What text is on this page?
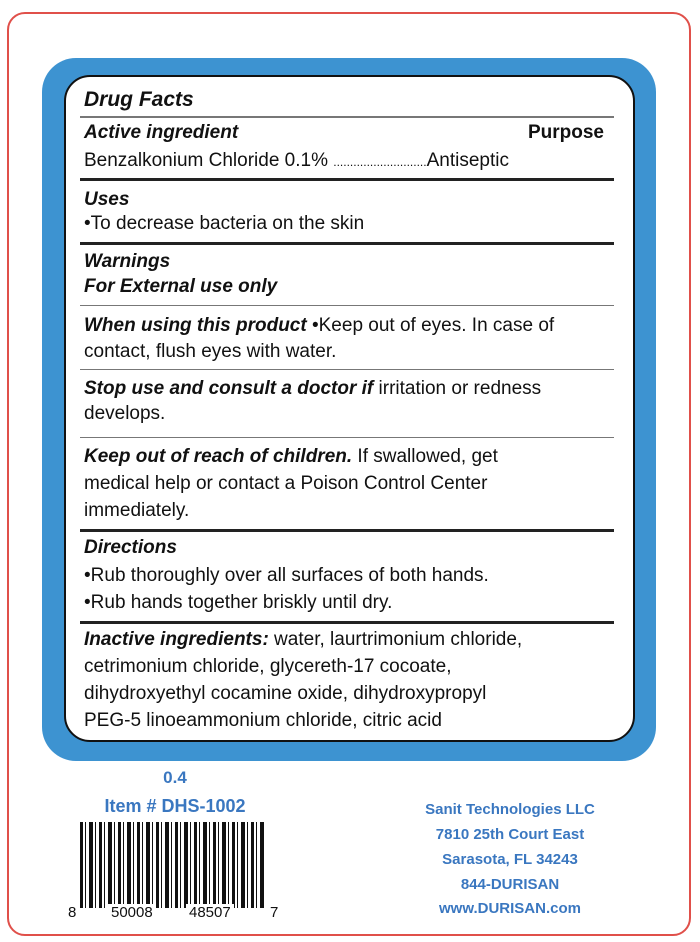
Drug Facts
Active ingredient	Purpose
Benzalkonium Chloride 0.1% ............................Antiseptic
Uses
•To decrease bacteria on the skin
Warnings
For External use only
When using this product •Keep out of eyes. In case of
contact, flush eyes with water.
Stop use and consult a doctor if irritation or redness
develops.
Keep out of reach of children. If swallowed, get
medical help or contact a Poison Control Center
immediately.
Directions
•Rub thoroughly over all surfaces of both hands.
•Rub hands together briskly until dry.
Inactive ingredients: water, laurtrimonium chloride,
cetrimonium chloride, glycereth-17 cocoate,
dihydroxyethyl cocamine oxide, dihydroxypropyl
PEG-5 linoeammonium chloride, citric acid
0.4
Item # DHS-1002
8 50008 48507	7
Sanit Technologies LLC
7810 25th Court East
Sarasota, FL 34243
844-DURISAN
www.DURISAN.com
